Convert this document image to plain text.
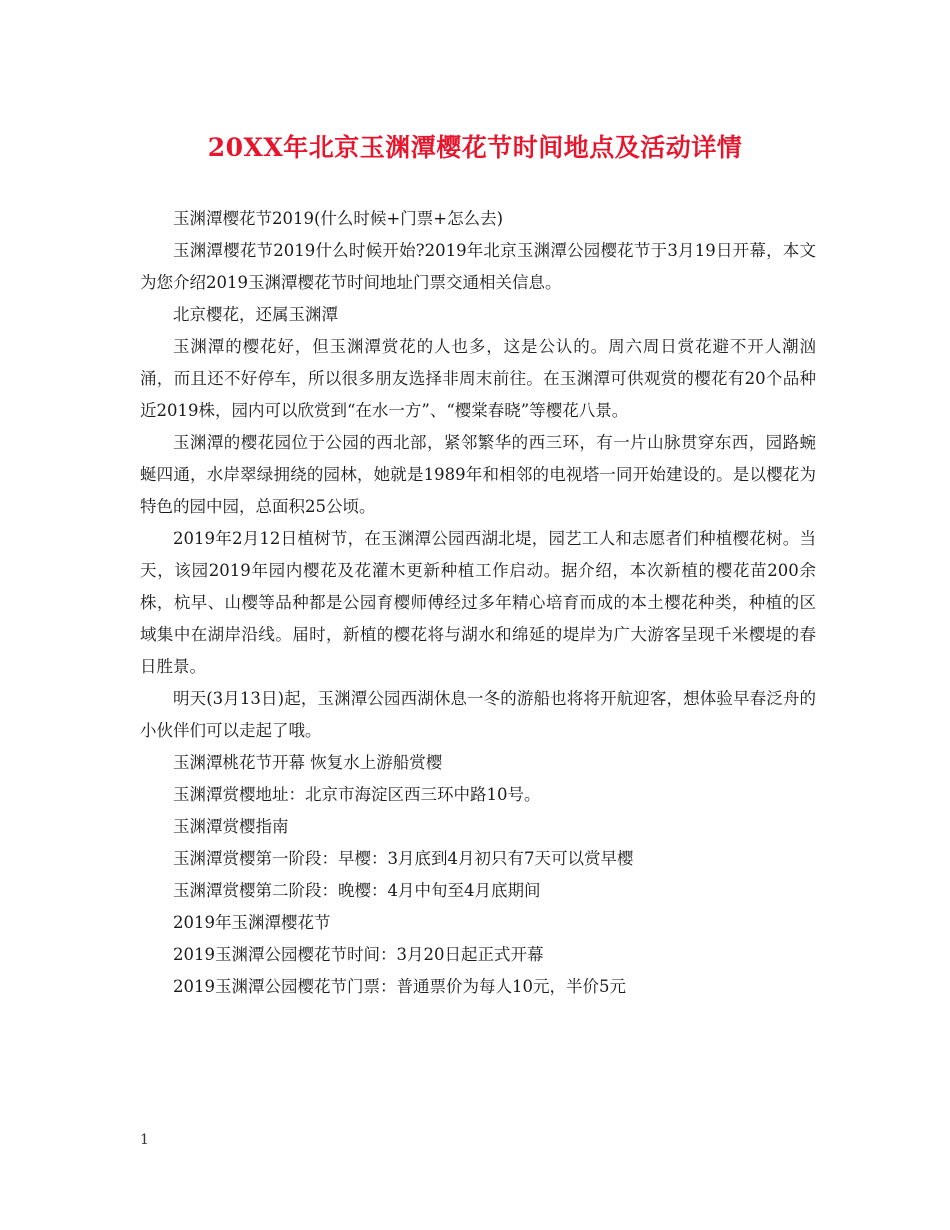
20XX年北京玉渊潭樱花节时间地点及活动详情

玉渊潭樱花节2019(什么时候+门票+怎么去)

玉渊潭樱花节2019什么时候开始?2019年北京玉渊潭公园樱花节于3月19日开幕，本文为您介绍2019玉渊潭樱花节时间地址门票交通相关信息。

北京樱花，还属玉渊潭

玉渊潭的樱花好，但玉渊潭赏花的人也多，这是公认的。周六周日赏花避不开人潮汹涌，而且还不好停车，所以很多朋友选择非周末前往。在玉渊潭可供观赏的樱花有20个品种近2019株，园内可以欣赏到“在水一方”、“樱棠春晓”等樱花八景。

玉渊潭的樱花园位于公园的西北部，紧邻繁华的西三环，有一片山脉贯穿东西，园路蜿蜒四通，水岸翠绿拥绕的园林，她就是1989年和相邻的电视塔一同开始建设的。是以樱花为特色的园中园，总面积25公顷。

2019年2月12日植树节，在玉渊潭公园西湖北堤，园艺工人和志愿者们种植樱花树。当天，该园2019年园内樱花及花灌木更新种植工作启动。据介绍，本次新植的樱花苗200余株，杭早、山樱等品种都是公园育樱师傅经过多年精心培育而成的本土樱花种类，种植的区域集中在湖岸沿线。届时，新植的樱花将与湖水和绵延的堤岸为广大游客呈现千米樱堤的春日胜景。

明天(3月13日)起，玉渊潭公园西湖休息一冬的游船也将将开航迎客，想体验早春泛舟的小伙伴们可以走起了哦。

玉渊潭桃花节开幕 恢复水上游船赏樱

玉渊潭赏樱地址：北京市海淀区西三环中路10号。

玉渊潭赏樱指南

玉渊潭赏樱第一阶段：早樱：3月底到4月初只有7天可以赏早樱

玉渊潭赏樱第二阶段：晚樱：4月中旬至4月底期间

2019年玉渊潭樱花节

2019玉渊潭公园樱花节时间：3月20日起正式开幕

2019玉渊潭公园樱花节门票：普通票价为每人10元，半价5元

1
